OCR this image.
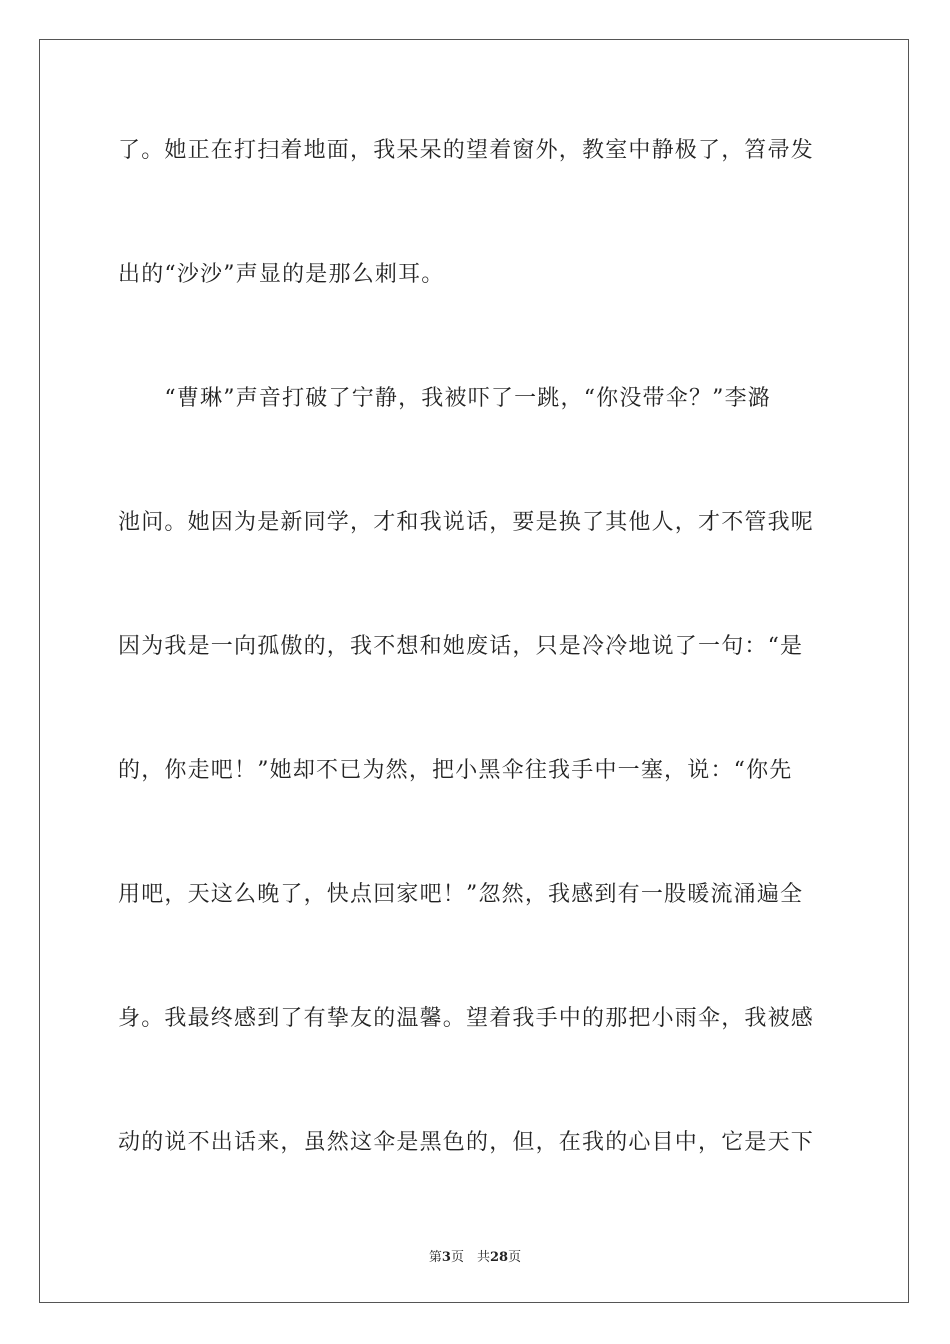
了。她正在打扫着地面，我呆呆的望着窗外，教室中静极了，笤帚发
出的“沙沙”声显的是那么刺耳。
　　“曹琳”声音打破了宁静，我被吓了一跳，“你没带伞？”李潞
池问。她因为是新同学，才和我说话，要是换了其他人，才不管我呢
因为我是一向孤傲的，我不想和她废话，只是冷冷地说了一句：“是
的，你走吧！”她却不已为然，把小黑伞往我手中一塞，说：“你先
用吧，天这么晚了，快点回家吧！”忽然，我感到有一股暖流涌遍全
身。我最终感到了有挚友的温馨。望着我手中的那把小雨伞，我被感
动的说不出话来，虽然这伞是黑色的，但，在我的心目中，它是天下
第3页　共28页
